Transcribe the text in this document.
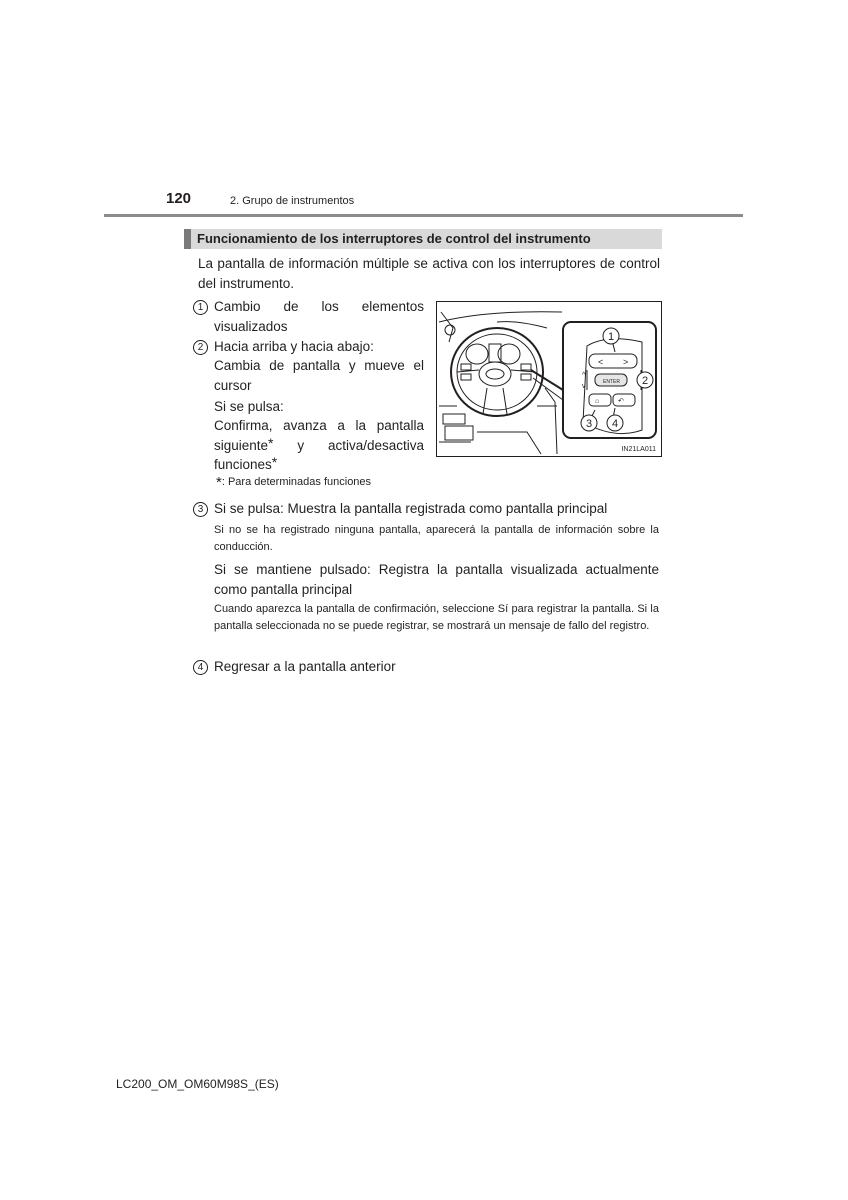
120	2. Grupo de instrumentos
Funcionamiento de los interruptores de control del instrumento
La pantalla de información múltiple se activa con los interruptores de control del instrumento.
1 Cambio de los elementos visualizados
2 Hacia arriba y hacia abajo:
Cambia de pantalla y mueve el cursor
Si se pulsa:
Confirma, avanza a la pantalla siguiente* y activa/desactiva funciones*
< >
^
v
ENTER
⌂	↶
1
2
3 4
IN21LA011
*: Para determinadas funciones
3 Si se pulsa: Muestra la pantalla registrada como pantalla principal
Si no se ha registrado ninguna pantalla, aparecerá la pantalla de información sobre la conducción.
Si se mantiene pulsado: Registra la pantalla visualizada actualmente como pantalla principal
Cuando aparezca la pantalla de confirmación, seleccione Sí para registrar la pantalla. Si la pantalla seleccionada no se puede registrar, se mostrará un mensaje de fallo del registro.
4 Regresar a la pantalla anterior
LC200_OM_OM60M98S_(ES)
